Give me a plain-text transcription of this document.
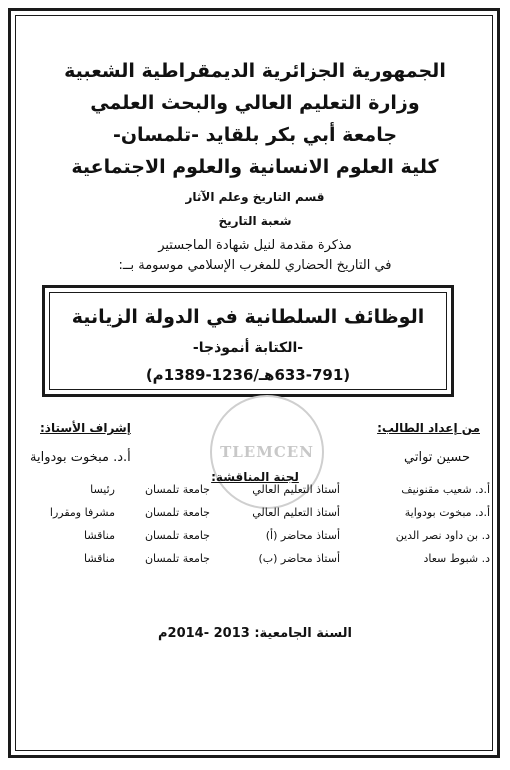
الجمهورية الجزائرية الديمقراطية الشعبية
وزارة التعليم العالي والبحث العلمي
جامعة أبي بكر بلقايد -تلمسان-
كلية العلوم الانسانية والعلوم الاجتماعية
قسم التاريخ وعلم الآثار
شعبة التاريخ
مذكرة مقدمة لنيل شهادة الماجستير
في التاريخ الحضاري للمغرب الإسلامي موسومة بــ:
الوظائف السلطانية في الدولة الزيانية
-الكتابة أنموذجا-
(633-791هـ/1236-1389م)
TLEMCEN
من إعداد الطالب:
إشراف الأستاذ:
حسين تواتي
أ.د. مبخوت بودواية
لجنة المناقشة:
أ.د. شعيب مقنونيف
أستاذ التعليم العالي
جامعة تلمسان
رئيسا
أ.د. مبخوت بودواية
أستاذ التعليم العالي
جامعة تلمسان
مشرفا ومقررا
د. بن داود نصر الدين
أستاذ محاضر (أ)
جامعة تلمسان
مناقشا
د. شبوط سعاد
أستاذ محاضر (ب)
جامعة تلمسان
مناقشا
السنة الجامعية: 2013 -2014م
